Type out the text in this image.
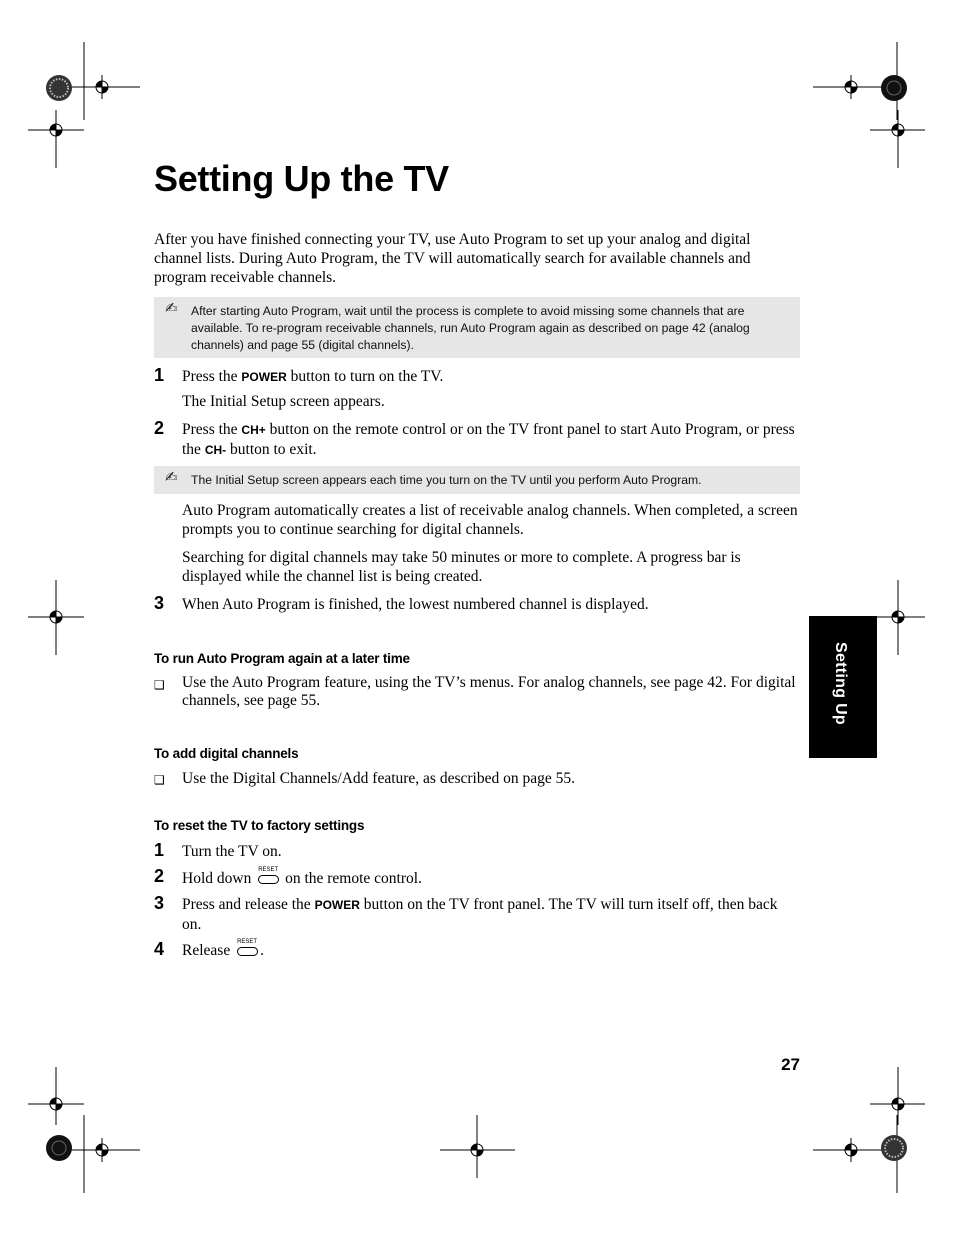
Setting Up the TV
After you have finished connecting your TV, use Auto Program to set up your analog and digital channel lists. During Auto Program, the TV will automatically search for available channels and program receivable channels.
✍ After starting Auto Program, wait until the process is complete to avoid missing some channels that are available. To re-program receivable channels, run Auto Program again as described on page 42 (analog channels) and page 55 (digital channels).
1 Press the POWER button to turn on the TV.
The Initial Setup screen appears.
2 Press the CH+ button on the remote control or on the TV front panel to start Auto Program, or press the CH- button to exit.
✍ The Initial Setup screen appears each time you turn on the TV until you perform Auto Program.
Auto Program automatically creates a list of receivable analog channels. When completed, a screen prompts you to continue searching for digital channels.
Searching for digital channels may take 50 minutes or more to complete. A progress bar is displayed while the channel list is being created.
3 When Auto Program is finished, the lowest numbered channel is displayed.
To run Auto Program again at a later time
❑ Use the Auto Program feature, using the TV’s menus. For analog channels, see page 42. For digital channels, see page 55.
To add digital channels
❑ Use the Digital Channels/Add feature, as described on page 55.
To reset the TV to factory settings
1 Turn the TV on.
2 Hold down RESET on the remote control.
3 Press and release the POWER button on the TV front panel. The TV will turn itself off, then back on.
4 Release RESET .
Setting Up
27
